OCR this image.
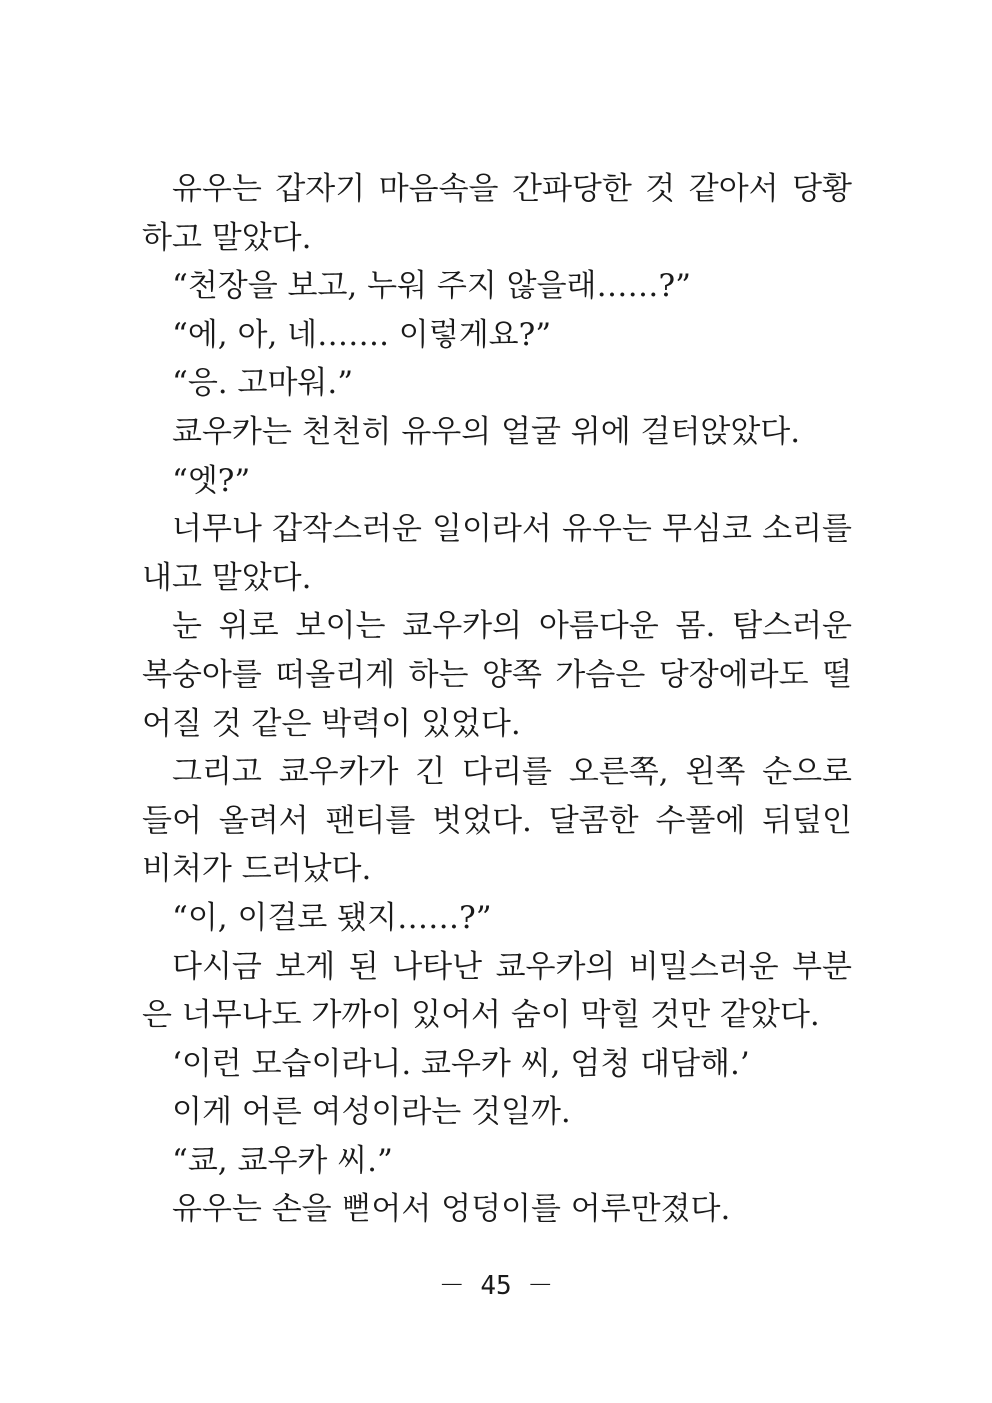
유우는 갑자기 마음속을 간파당한 것 같아서 당황
하고 말았다.
“천장을 보고, 누워 주지 않을래……?”
“에, 아, 네……. 이렇게요?”
“응. 고마워.”
쿄우카는 천천히 유우의 얼굴 위에 걸터앉았다.
“엣?”
너무나 갑작스러운 일이라서 유우는 무심코 소리를
내고 말았다.
눈 위로 보이는 쿄우카의 아름다운 몸. 탐스러운
복숭아를 떠올리게 하는 양쪽 가슴은 당장에라도 떨
어질 것 같은 박력이 있었다.
그리고 쿄우카가 긴 다리를 오른쪽, 왼쪽 순으로
들어 올려서 팬티를 벗었다. 달콤한 수풀에 뒤덮인
비처가 드러났다.
“이, 이걸로 됐지……?”
다시금 보게 된 나타난 쿄우카의 비밀스러운 부분
은 너무나도 가까이 있어서 숨이 막힐 것만 같았다.
‘이런 모습이라니. 쿄우카 씨, 엄청 대담해.’
이게 어른 여성이라는 것일까.
“쿄, 쿄우카 씨.”
유우는 손을 뻗어서 엉덩이를 어루만졌다.
－ 45 －
